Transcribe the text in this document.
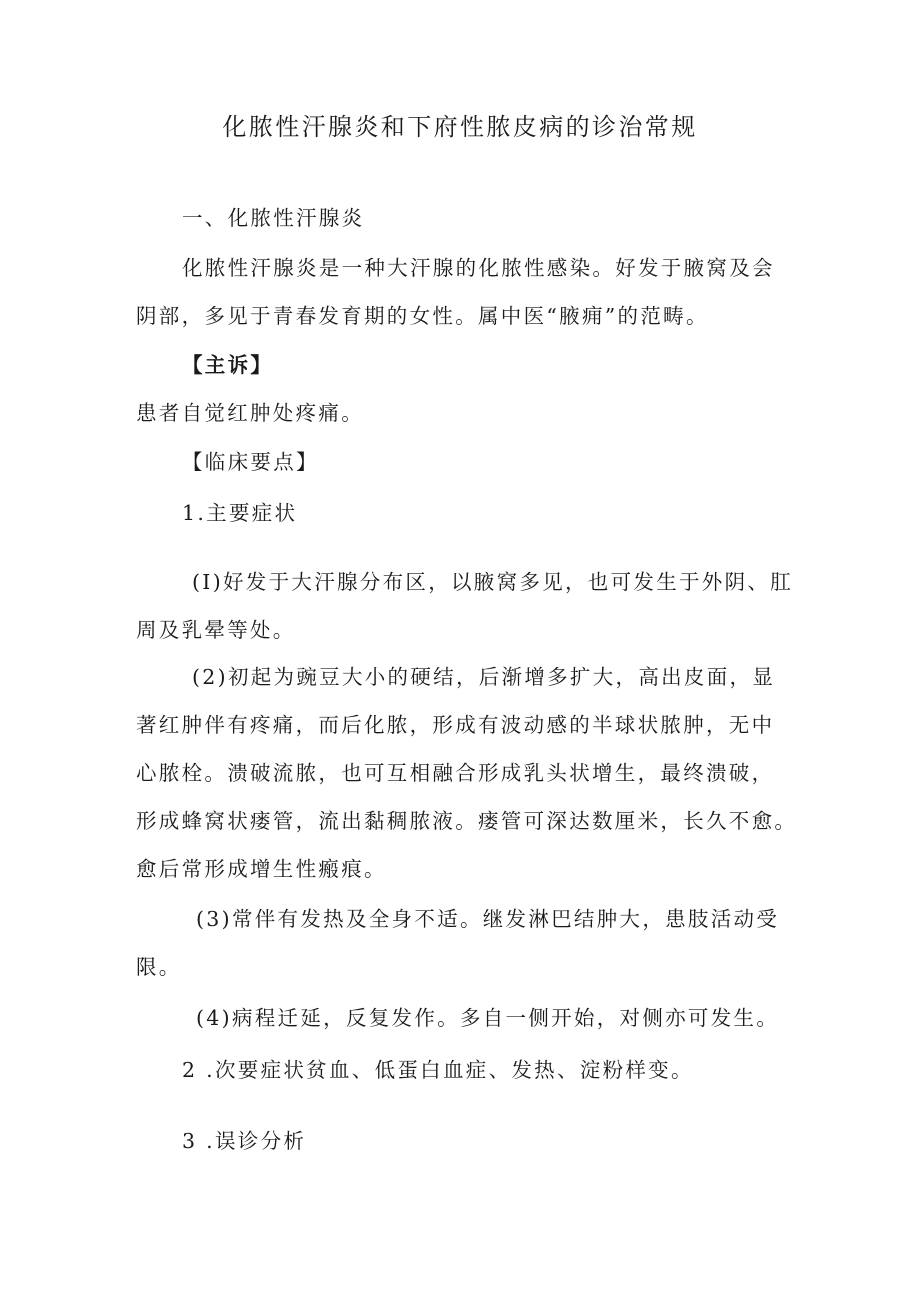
化脓性汗腺炎和下府性脓皮病的诊治常规

一、化脓性汗腺炎

化脓性汗腺炎是一种大汗腺的化脓性感染。好发于腋窝及会

阴部，多见于青春发育期的女性。属中医“腋痈”的范畴。

【主诉】

患者自觉红肿处疼痛。

【临床要点】

1.主要症状

(I)好发于大汗腺分布区，以腋窝多见，也可发生于外阴、肛

周及乳晕等处。

(2)初起为豌豆大小的硬结，后渐增多扩大，高出皮面，显

著红肿伴有疼痛，而后化脓，形成有波动感的半球状脓肿，无中

心脓栓。溃破流脓，也可互相融合形成乳头状增生，最终溃破，

形成蜂窝状瘘管，流出黏稠脓液。瘘管可深达数厘米，长久不愈。

愈后常形成增生性瘢痕。

(3)常伴有发热及全身不适。继发淋巴结肿大，患肢活动受

限。

(4)病程迁延，反复发作。多自一侧开始，对侧亦可发生。

2 .次要症状贫血、低蛋白血症、发热、淀粉样变。

3 .误诊分析
